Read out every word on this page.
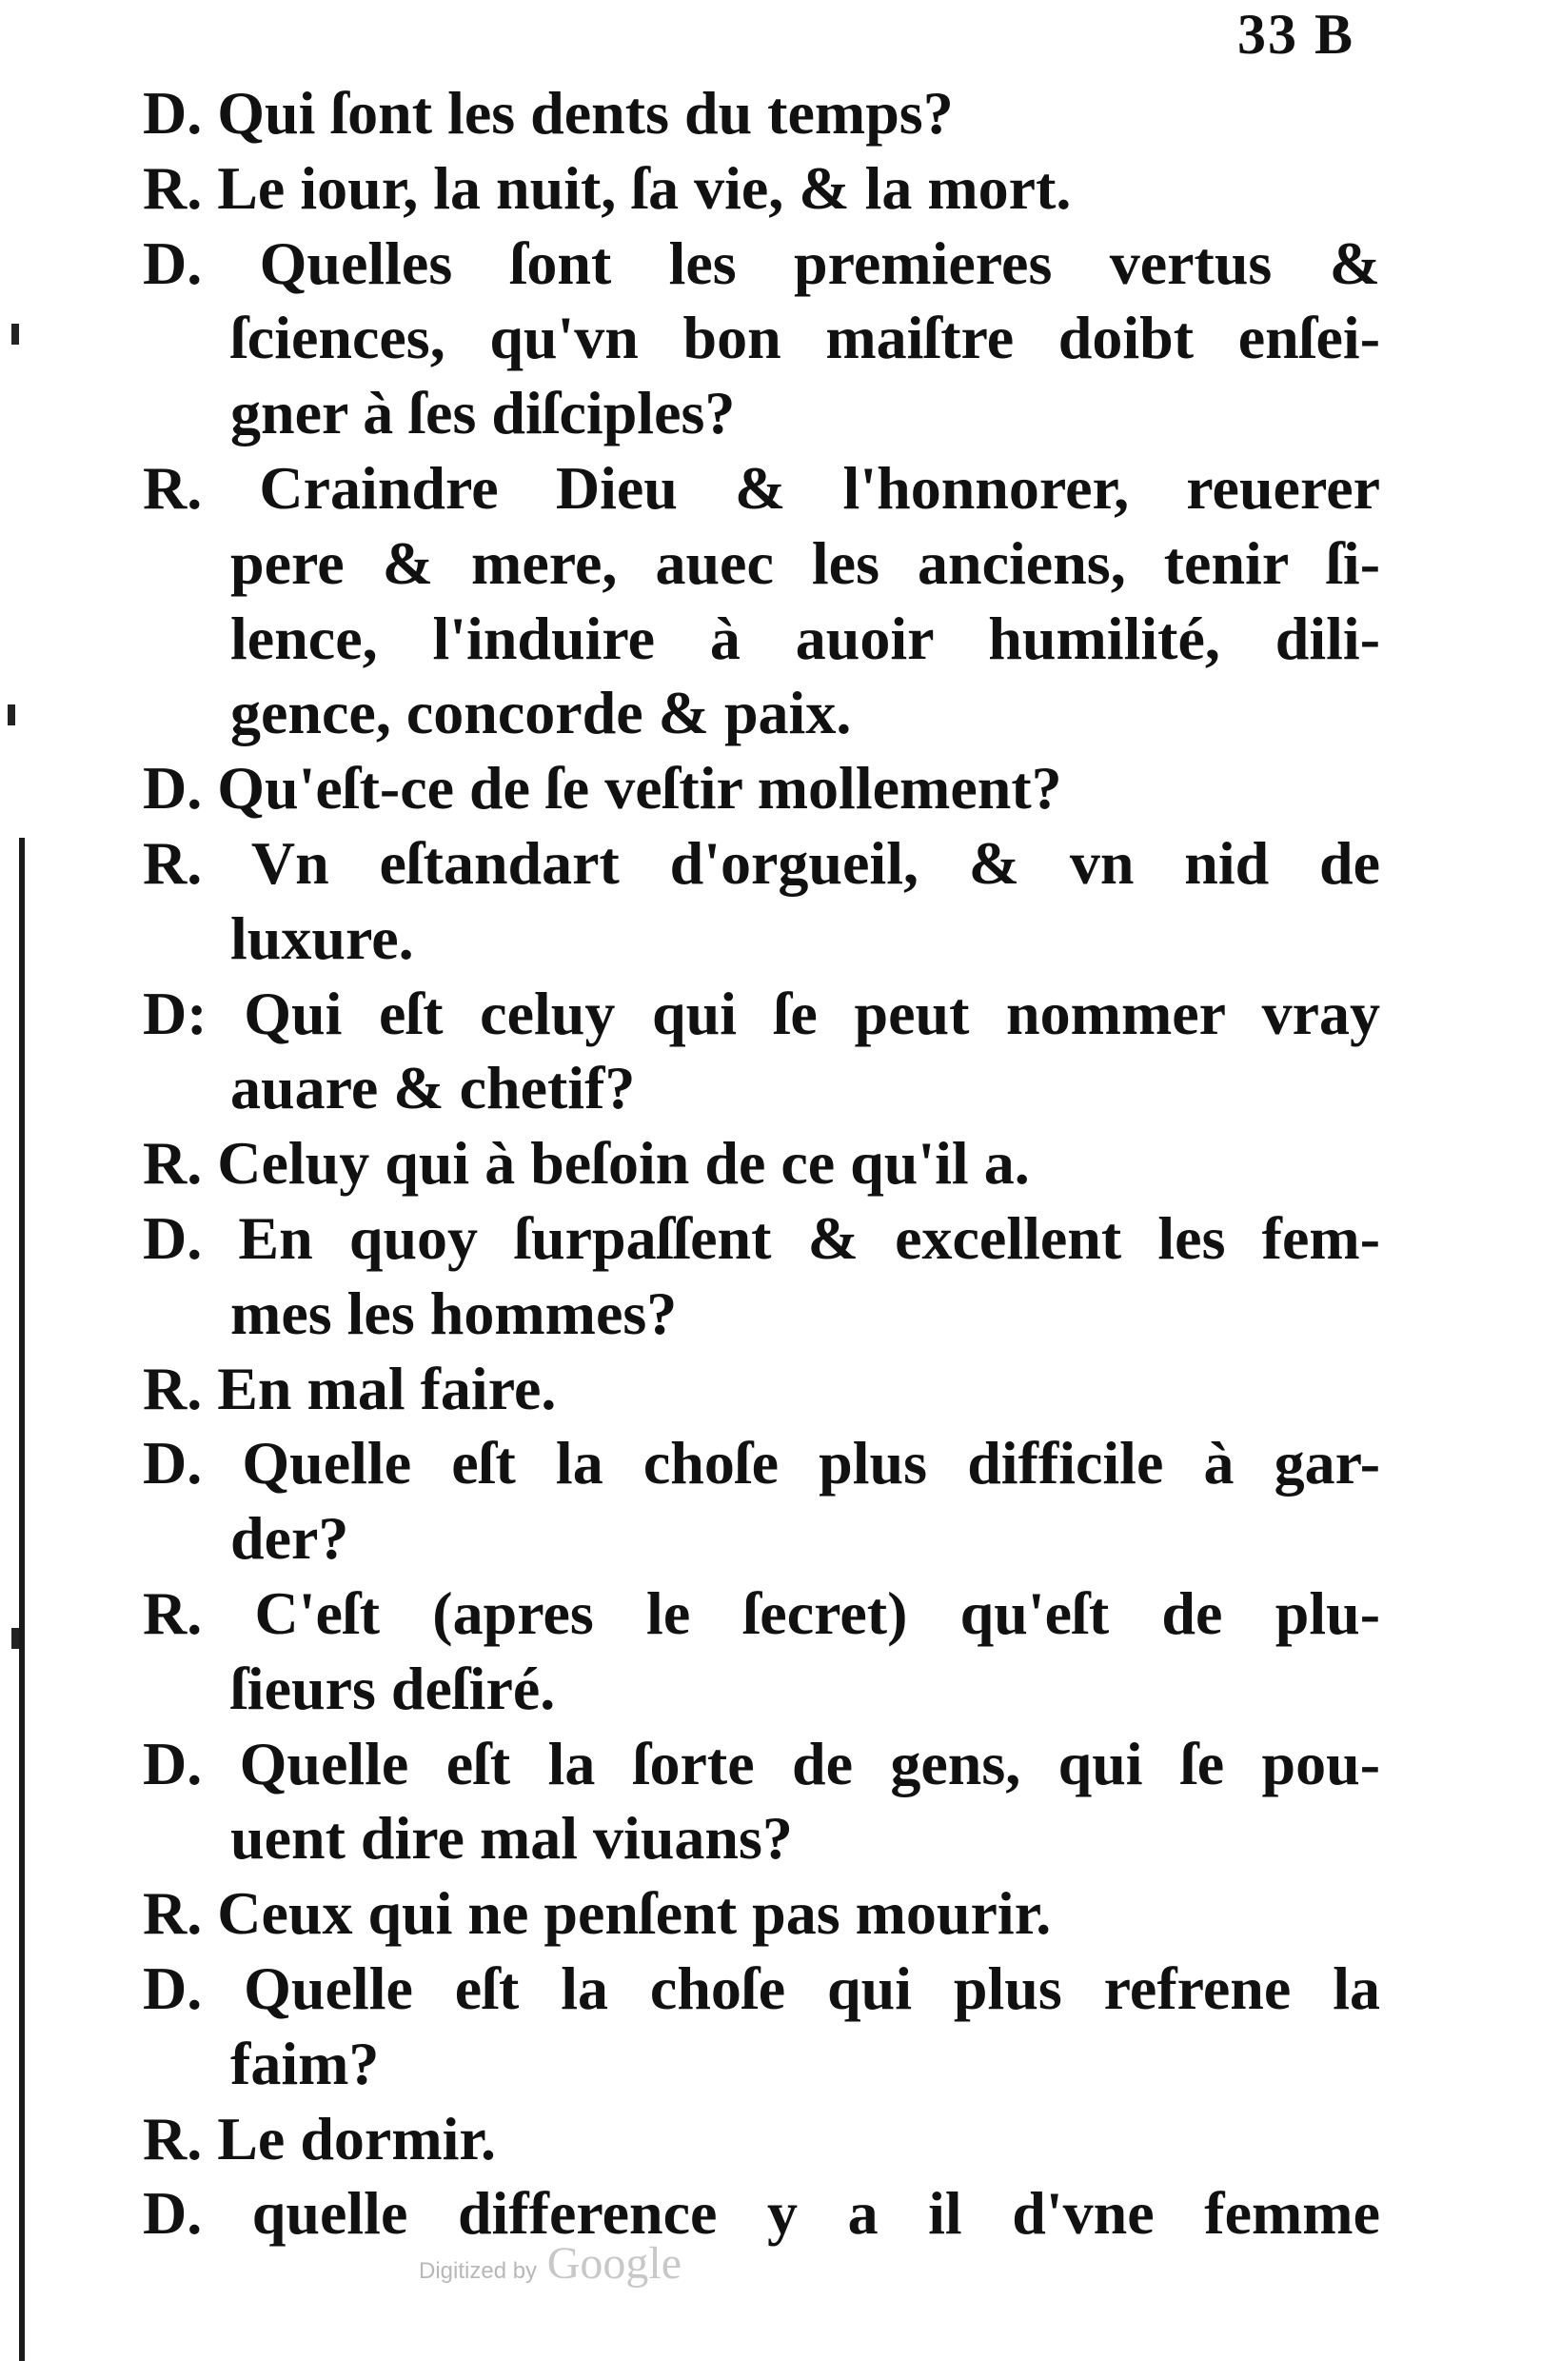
33 B
D. Qui ſont les dents du temps?
R. Le iour, la nuit, ſa vie, & la mort.
D. Quelles ſont les premieres vertus &
ſciences, qu'vn bon maiſtre doibt enſei-
gner à ſes diſciples?
R. Craindre Dieu & l'honnorer, reuerer
pere & mere, auec les anciens, tenir ſi-
lence, l'induire à auoir humilité, dili-
gence, concorde & paix.
D. Qu'eſt-ce de ſe veſtir mollement?
R. Vn eſtandart d'orgueil, & vn nid de
luxure.
D: Qui eſt celuy qui ſe peut nommer vray
auare & chetif?
R. Celuy qui à beſoin de ce qu'il a.
D. En quoy ſurpaſſent & excellent les fem-
mes les hommes?
R. En mal faire.
D. Quelle eſt la choſe plus difficile à gar-
der?
R. C'eſt (apres le ſecret) qu'eſt de plu-
ſieurs deſiré.
D. Quelle eſt la ſorte de gens, qui ſe pou-
uent dire mal viuans?
R. Ceux qui ne penſent pas mourir.
D. Quelle eſt la choſe qui plus refrene la
faim?
R. Le dormir.
D. quelle difference y a il d'vne femme
Digitized by Google
